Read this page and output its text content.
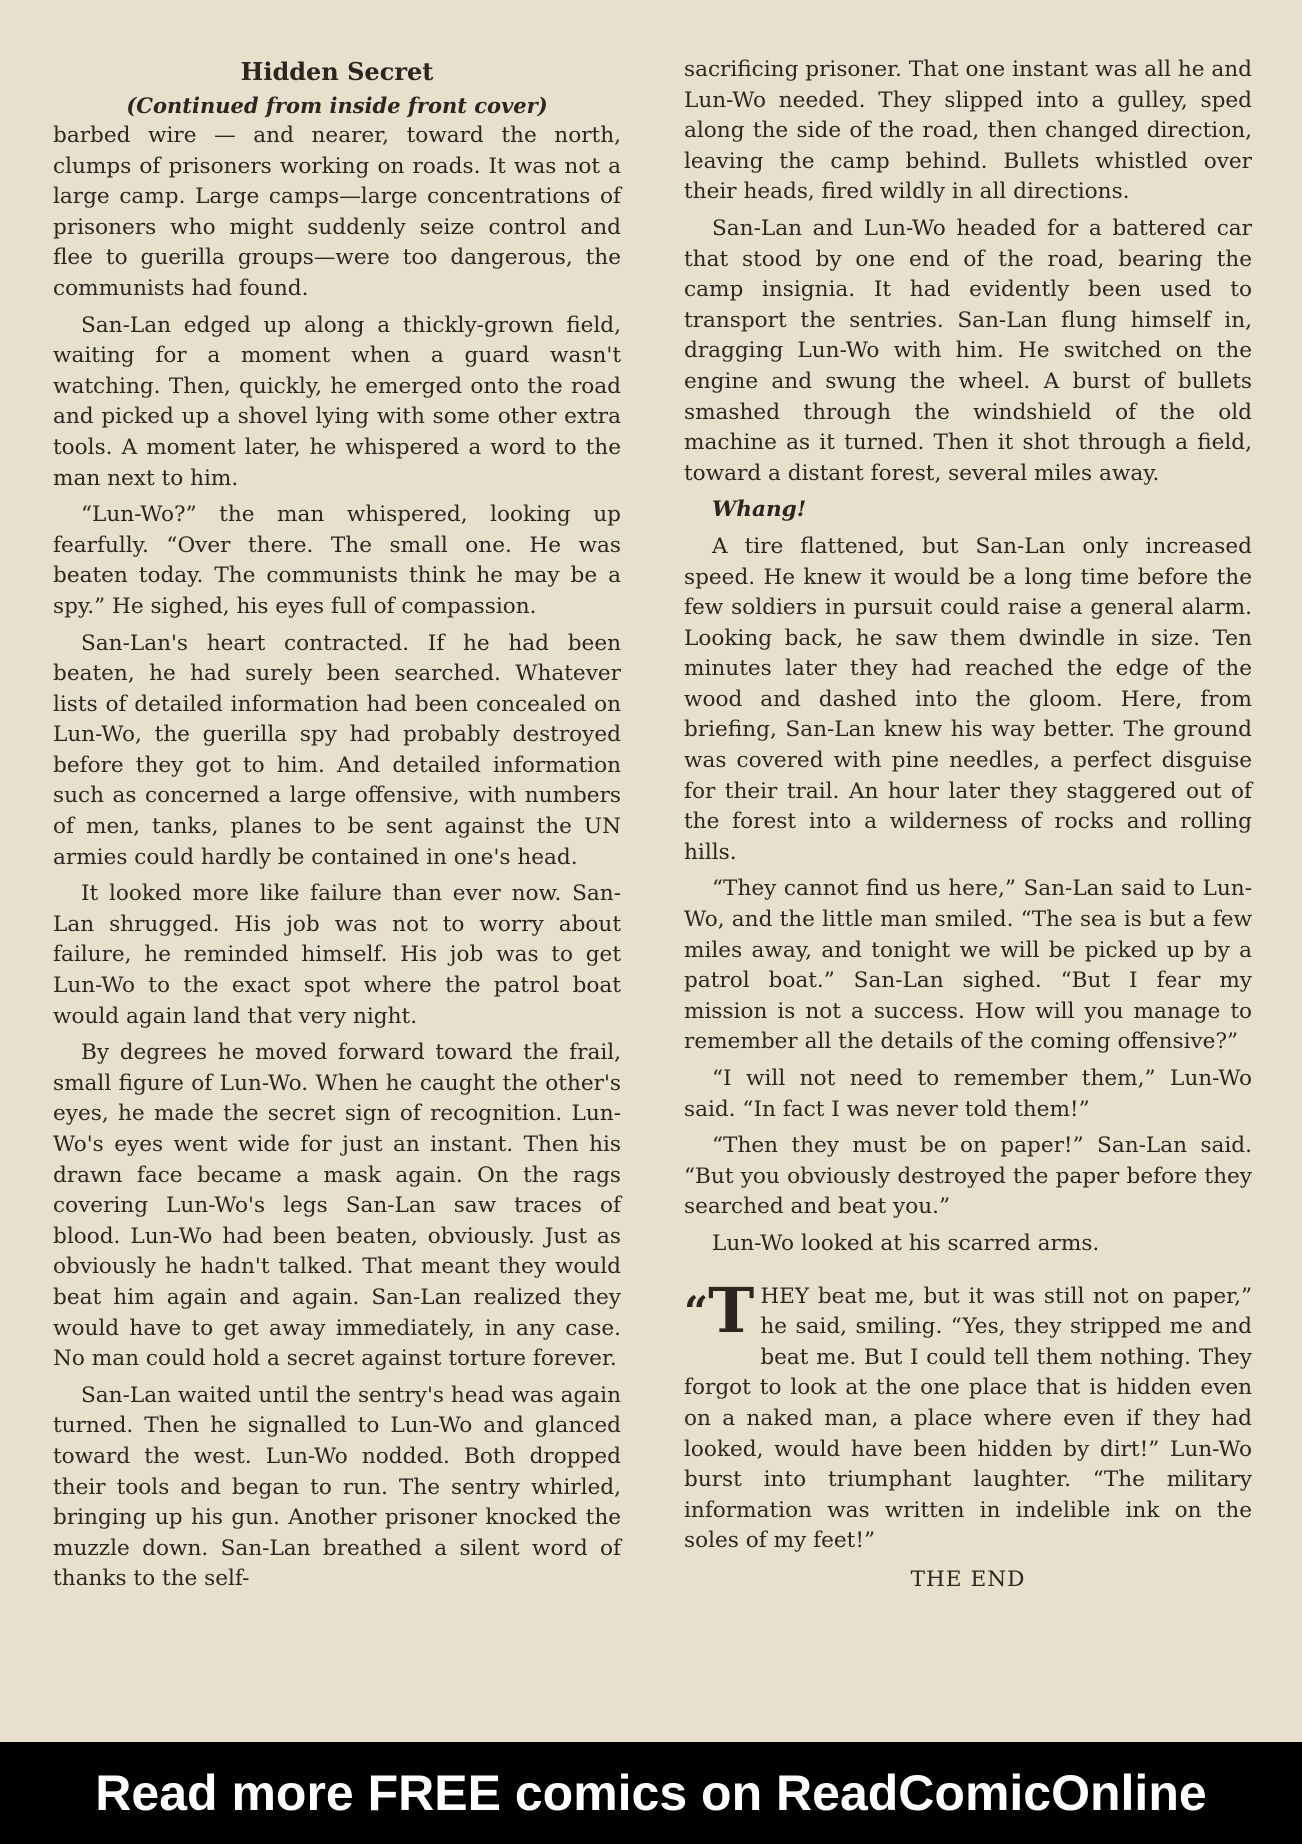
Hidden Secret
(Continued from inside front cover)

barbed wire — and nearer, toward the north, clumps of prisoners working on roads. It was not a large camp. Large camps—large concentrations of prisoners who might suddenly seize control and flee to guerilla groups—were too dangerous, the communists had found.

San-Lan edged up along a thickly-grown field, waiting for a moment when a guard wasn't watching. Then, quickly, he emerged onto the road and picked up a shovel lying with some other extra tools. A moment later, he whispered a word to the man next to him.

“Lun-Wo?” the man whispered, looking up fearfully. “Over there. The small one. He was beaten today. The communists think he may be a spy.” He sighed, his eyes full of compassion.

San-Lan's heart contracted. If he had been beaten, he had surely been searched. Whatever lists of detailed information had been concealed on Lun-Wo, the guerilla spy had probably destroyed before they got to him. And detailed information such as concerned a large offensive, with numbers of men, tanks, planes to be sent against the UN armies could hardly be contained in one's head.

It looked more like failure than ever now. San-Lan shrugged. His job was not to worry about failure, he reminded himself. His job was to get Lun-Wo to the exact spot where the patrol boat would again land that very night.

By degrees he moved forward toward the frail, small figure of Lun-Wo. When he caught the other's eyes, he made the secret sign of recognition. Lun-Wo's eyes went wide for just an instant. Then his drawn face became a mask again. On the rags covering Lun-Wo's legs San-Lan saw traces of blood. Lun-Wo had been beaten, obviously. Just as obviously he hadn't talked. That meant they would beat him again and again. San-Lan realized they would have to get away immediately, in any case. No man could hold a secret against torture forever.

San-Lan waited until the sentry's head was again turned. Then he signalled to Lun-Wo and glanced toward the west. Lun-Wo nodded. Both dropped their tools and began to run. The sentry whirled, bringing up his gun. Another prisoner knocked the muzzle down. San-Lan breathed a silent word of thanks to the self-

sacrificing prisoner. That one instant was all he and Lun-Wo needed. They slipped into a gulley, sped along the side of the road, then changed direction, leaving the camp behind. Bullets whistled over their heads, fired wildly in all directions.

San-Lan and Lun-Wo headed for a battered car that stood by one end of the road, bearing the camp insignia. It had evidently been used to transport the sentries. San-Lan flung himself in, dragging Lun-Wo with him. He switched on the engine and swung the wheel. A burst of bullets smashed through the windshield of the old machine as it turned. Then it shot through a field, toward a distant forest, several miles away.

Whang!

A tire flattened, but San-Lan only increased speed. He knew it would be a long time before the few soldiers in pursuit could raise a general alarm. Looking back, he saw them dwindle in size. Ten minutes later they had reached the edge of the wood and dashed into the gloom. Here, from briefing, San-Lan knew his way better. The ground was covered with pine needles, a perfect disguise for their trail. An hour later they staggered out of the forest into a wilderness of rocks and rolling hills.

“They cannot find us here,” San-Lan said to Lun-Wo, and the little man smiled. “The sea is but a few miles away, and tonight we will be picked up by a patrol boat.” San-Lan sighed. “But I fear my mission is not a success. How will you manage to remember all the details of the coming offensive?”

“I will not need to remember them,” Lun-Wo said. “In fact I was never told them!”

“Then they must be on paper!” San-Lan said. “But you obviously destroyed the paper before they searched and beat you.”

Lun-Wo looked at his scarred arms.

“T HEY beat me, but it was still not on paper,” he said, smiling. “Yes, they stripped me and beat me. But I could tell them nothing. They forgot to look at the one place that is hidden even on a naked man, a place where even if they had looked, would have been hidden by dirt!” Lun-Wo burst into triumphant laughter. “The military information was written in indelible ink on the soles of my feet!”

THE END

Read more FREE comics on ReadComicOnline
